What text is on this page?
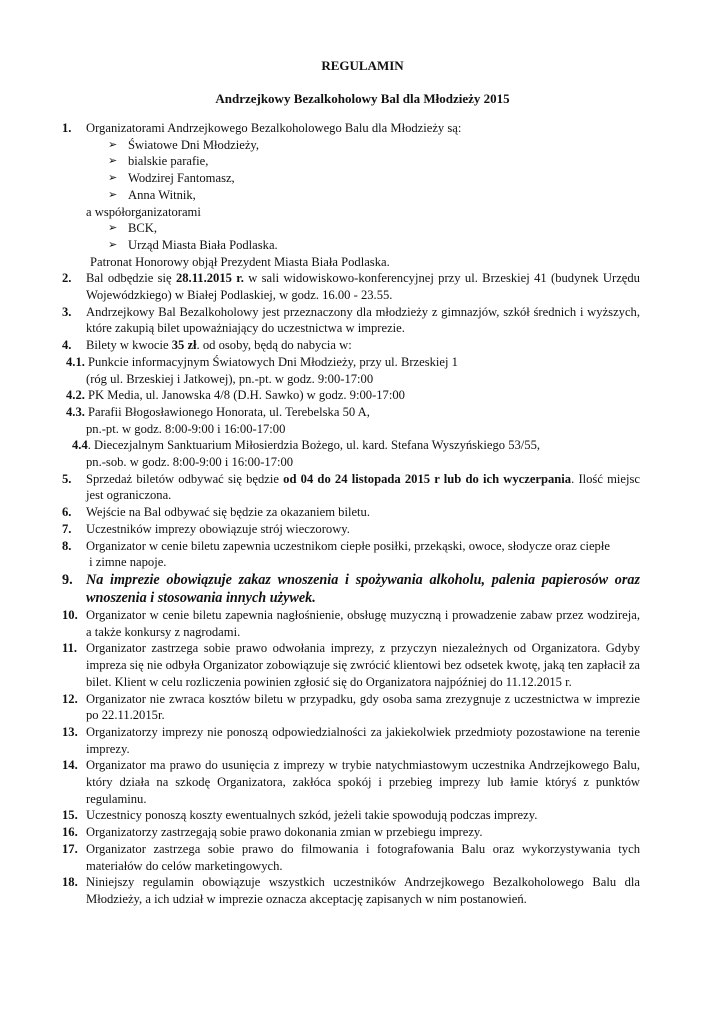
REGULAMIN
Andrzejkowy Bezalkoholowy Bal dla Młodzieży 2015
1. Organizatorami Andrzejkowego Bezalkoholowego Balu dla Młodzieży są:
➢ Światowe Dni Młodzieży,
➢ bialskie parafie,
➢ Wodzirej Fantomasz,
➢ Anna Witnik,
a współorganizatorami
➢ BCK,
➢ Urząd Miasta Biała Podlaska.
Patronat Honorowy objął Prezydent Miasta Biała Podlaska.
2. Bal odbędzie się 28.11.2015 r. w sali widowiskowo-konferencyjnej przy ul. Brzeskiej 41 (budynek Urzędu Wojewódzkiego) w Białej Podlaskiej, w godz. 16.00 - 23.55.
3. Andrzejkowy Bal Bezalkoholowy jest przeznaczony dla młodzieży z gimnazjów, szkół średnich i wyższych, które zakupią bilet upoważniający do uczestnictwa w imprezie.
4. Bilety w kwocie 35 zł. od osoby, będą do nabycia w:
4.1. Punkcie informacyjnym Światowych Dni Młodzieży, przy ul. Brzeskiej 1
(róg ul. Brzeskiej i Jatkowej), pn.-pt. w godz. 9:00-17:00
4.2. PK Media, ul. Janowska 4/8 (D.H. Sawko) w godz. 9:00-17:00
4.3. Parafii Błogosławionego Honorata, ul. Terebelska 50 A,
pn.-pt. w godz. 8:00-9:00 i 16:00-17:00
4.4. Diecezjalnym Sanktuarium Miłosierdzia Bożego, ul. kard. Stefana Wyszyńskiego 53/55,
pn.-sob. w godz. 8:00-9:00 i 16:00-17:00
5. Sprzedaż biletów odbywać się będzie od 04 do 24 listopada 2015 r lub do ich wyczerpania. Ilość miejsc jest ograniczona.
6. Wejście na Bal odbywać się będzie za okazaniem biletu.
7. Uczestników imprezy obowiązuje strój wieczorowy.
8. Organizator w cenie biletu zapewnia uczestnikom ciepłe posiłki, przekąski, owoce, słodycze oraz ciepłe
i zimne napoje.
9. Na imprezie obowiązuje zakaz wnoszenia i spożywania alkoholu, palenia papierosów oraz wnoszenia i stosowania innych używek.
10. Organizator w cenie biletu zapewnia nagłośnienie, obsługę muzyczną i prowadzenie zabaw przez wodzireja, a także konkursy z nagrodami.
11. Organizator zastrzega sobie prawo odwołania imprezy, z przyczyn niezależnych od Organizatora. Gdyby impreza się nie odbyła Organizator zobowiązuje się zwrócić klientowi bez odsetek kwotę, jaką ten zapłacił za bilet. Klient w celu rozliczenia powinien zgłosić się do Organizatora najpóźniej do 11.12.2015 r.
12. Organizator nie zwraca kosztów biletu w przypadku, gdy osoba sama zrezygnuje z uczestnictwa w imprezie po 22.11.2015r.
13. Organizatorzy imprezy nie ponoszą odpowiedzialności za jakiekolwiek przedmioty pozostawione na terenie imprezy.
14. Organizator ma prawo do usunięcia z imprezy w trybie natychmiastowym uczestnika Andrzejkowego Balu, który działa na szkodę Organizatora, zakłóca spokój i przebieg imprezy lub łamie któryś z punktów regulaminu.
15. Uczestnicy ponoszą koszty ewentualnych szkód, jeżeli takie spowodują podczas imprezy.
16. Organizatorzy zastrzegają sobie prawo dokonania zmian w przebiegu imprezy.
17. Organizator zastrzega sobie prawo do filmowania i fotografowania Balu oraz wykorzystywania tych materiałów do celów marketingowych.
18. Niniejszy regulamin obowiązuje wszystkich uczestników Andrzejkowego Bezalkoholowego Balu dla Młodzieży, a ich udział w imprezie oznacza akceptację zapisanych w nim postanowień.
